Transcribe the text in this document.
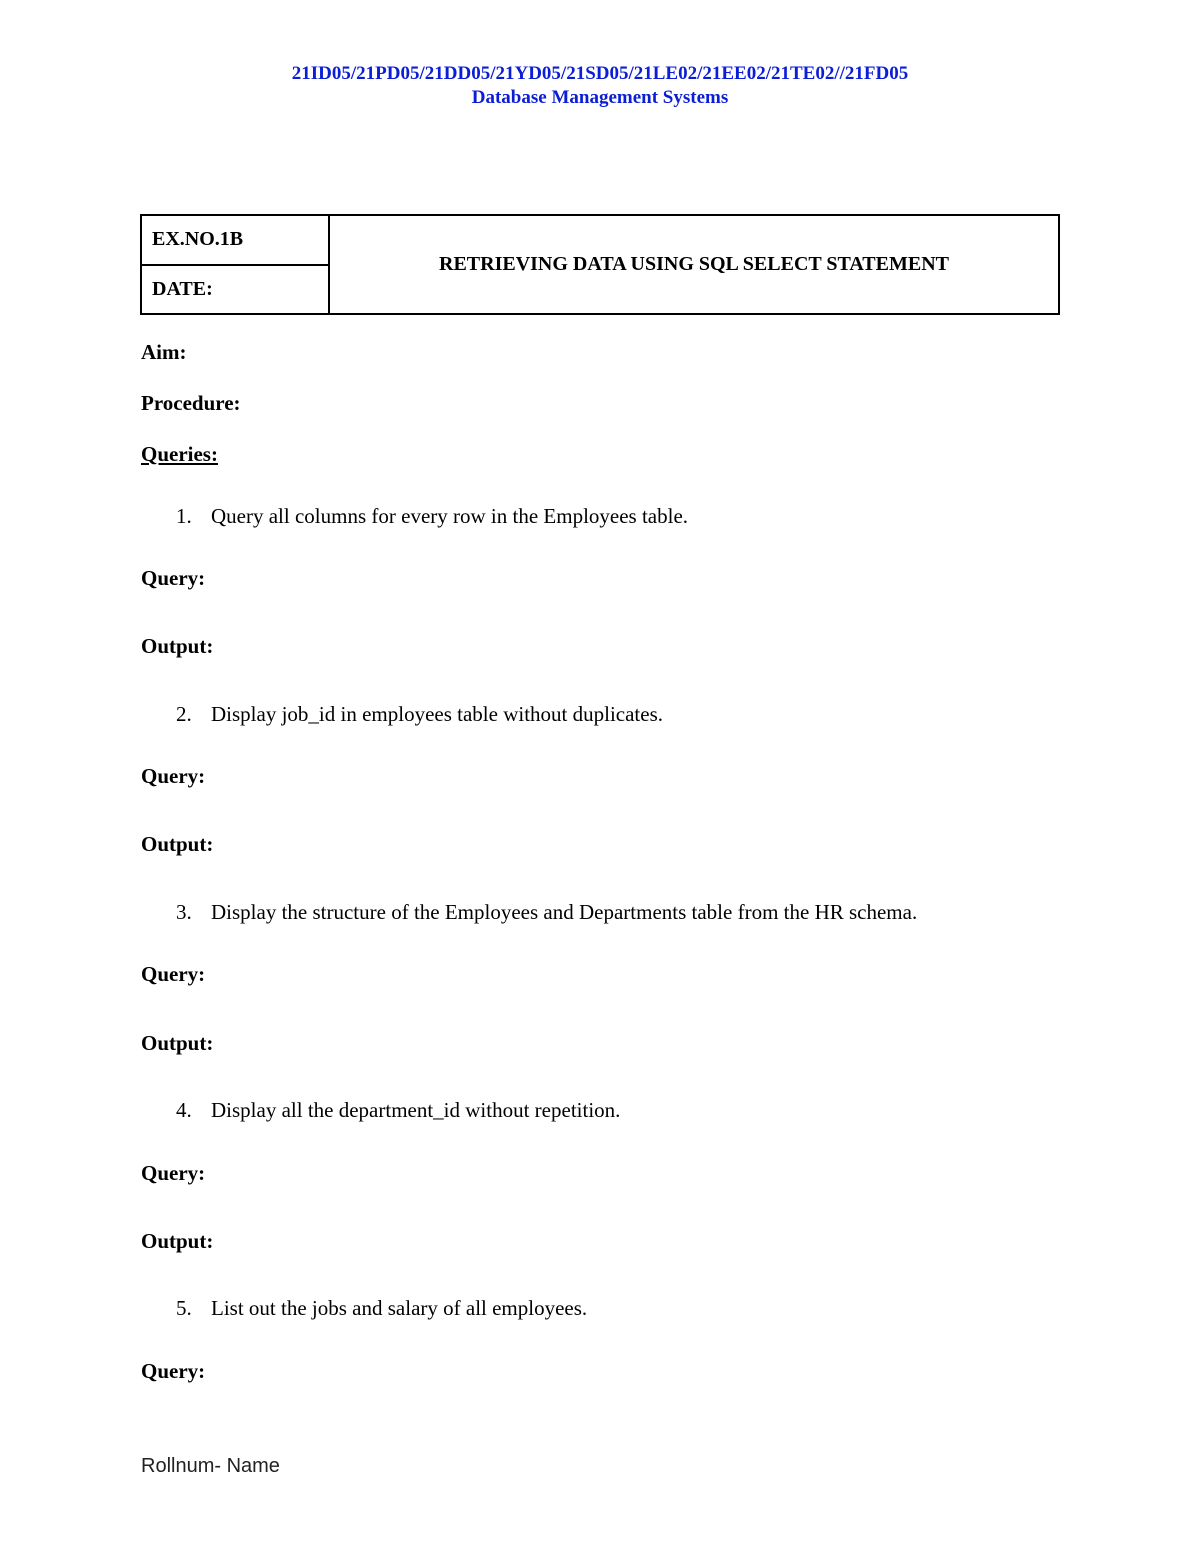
21ID05/21PD05/21DD05/21YD05/21SD05/21LE02/21EE02/21TE02//21FD05
Database Management Systems
EX.NO.1B	RETRIEVING DATA USING SQL SELECT STATEMENT
DATE:
Aim:
Procedure:
Queries:
1. Query all columns for every row in the Employees table.
Query:
Output:
2. Display job_id in employees table without duplicates.
Query:
Output:
3. Display the structure of the Employees and Departments table from the HR schema.
Query:
Output:
4. Display all the department_id without repetition.
Query:
Output:
5. List out the jobs and salary of all employees.
Query:
Rollnum- Name
